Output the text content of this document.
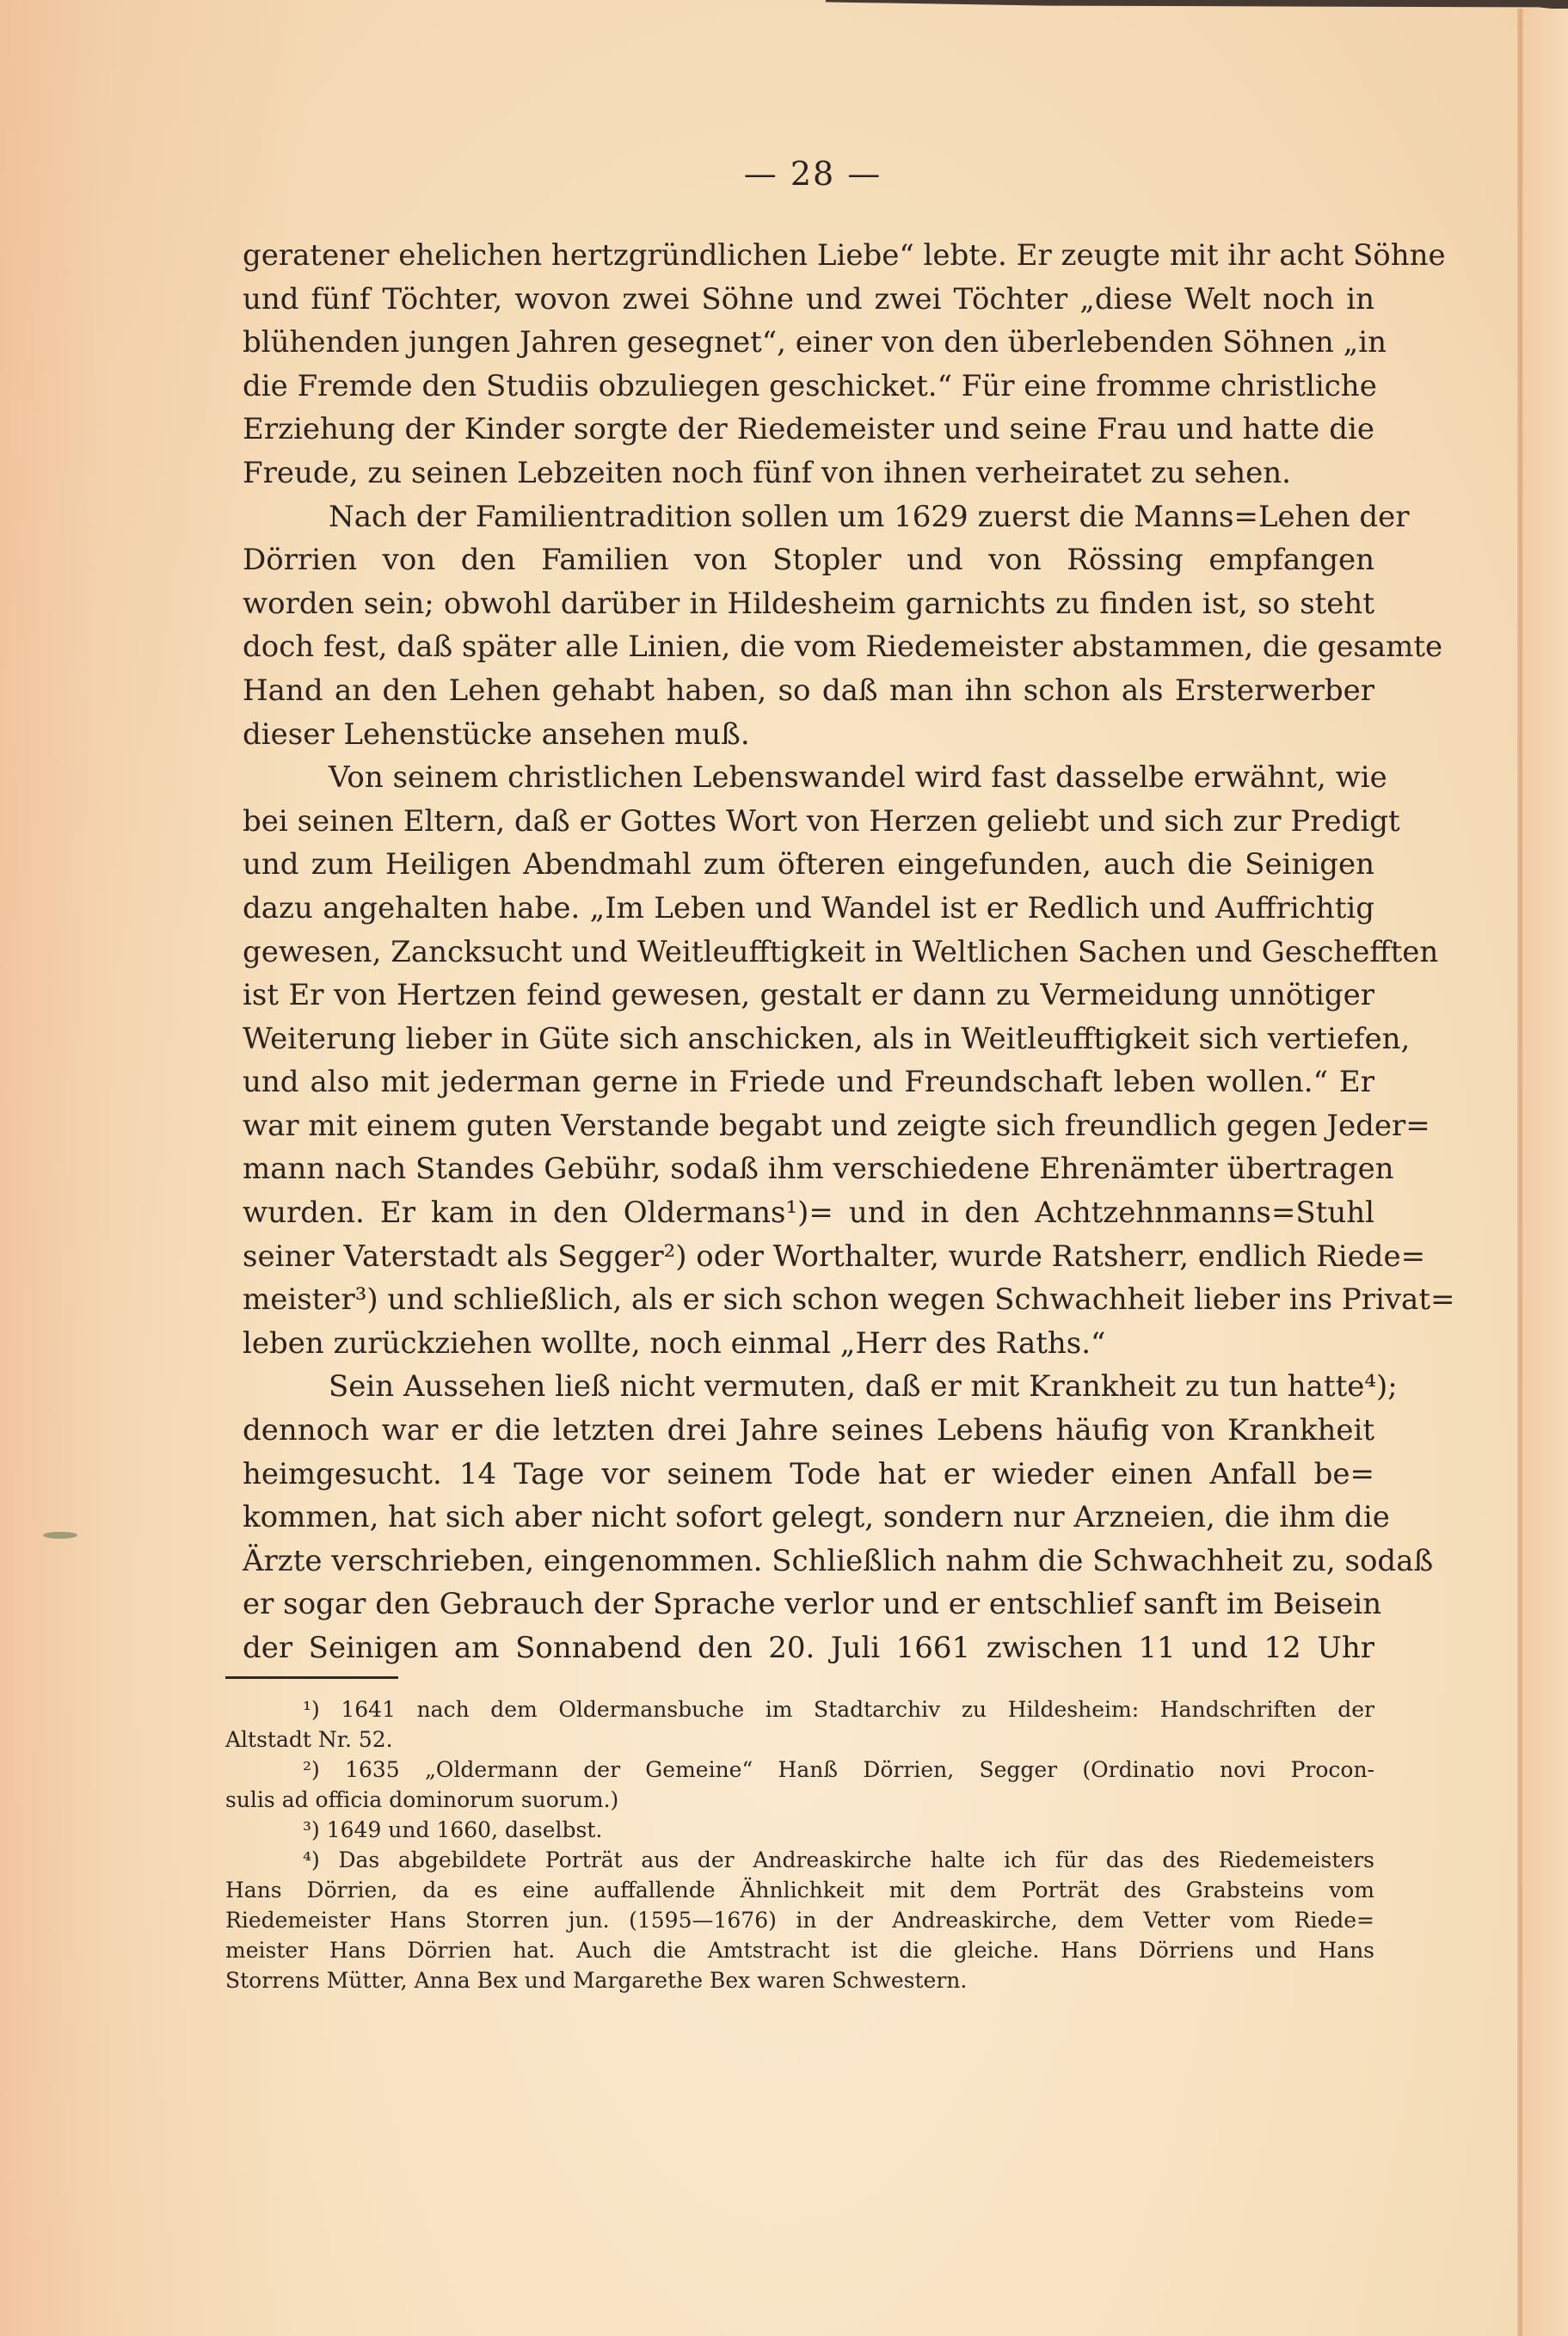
— 28 —
geratener ehelichen hertzgründlichen Liebe“ lebte. Er zeugte mit ihr acht Söhne
und fünf Töchter, wovon zwei Söhne und zwei Töchter „diese Welt noch in
blühenden jungen Jahren gesegnet“, einer von den überlebenden Söhnen „in
die Fremde den Studiis obzuliegen geschicket.“ Für eine fromme christliche
Erziehung der Kinder sorgte der Riedemeister und seine Frau und hatte die
Freude, zu seinen Lebzeiten noch fünf von ihnen verheiratet zu sehen.
Nach der Familientradition sollen um 1629 zuerst die Manns=Lehen der
Dörrien von den Familien von Stopler und von Rössing empfangen
worden sein; obwohl darüber in Hildesheim garnichts zu finden ist, so steht
doch fest, daß später alle Linien, die vom Riedemeister abstammen, die gesamte
Hand an den Lehen gehabt haben, so daß man ihn schon als Ersterwerber
dieser Lehenstücke ansehen muß.
Von seinem christlichen Lebenswandel wird fast dasselbe erwähnt, wie
bei seinen Eltern, daß er Gottes Wort von Herzen geliebt und sich zur Predigt
und zum Heiligen Abendmahl zum öfteren eingefunden, auch die Seinigen
dazu angehalten habe. „Im Leben und Wandel ist er Redlich und Auffrichtig
gewesen, Zancksucht und Weitleufftigkeit in Weltlichen Sachen und Geschefften
ist Er von Hertzen feind gewesen, gestalt er dann zu Vermeidung unnötiger
Weiterung lieber in Güte sich anschicken, als in Weitleufftigkeit sich vertiefen,
und also mit jederman gerne in Friede und Freundschaft leben wollen.“ Er
war mit einem guten Verstande begabt und zeigte sich freundlich gegen Jeder=
mann nach Standes Gebühr, sodaß ihm verschiedene Ehrenämter übertragen
wurden. Er kam in den Oldermans¹)= und in den Achtzehnmanns=Stuhl
seiner Vaterstadt als Segger²) oder Worthalter, wurde Ratsherr, endlich Riede=
meister³) und schließlich, als er sich schon wegen Schwachheit lieber ins Privat=
leben zurückziehen wollte, noch einmal „Herr des Raths.“
Sein Aussehen ließ nicht vermuten, daß er mit Krankheit zu tun hatte⁴);
dennoch war er die letzten drei Jahre seines Lebens häufig von Krankheit
heimgesucht. 14 Tage vor seinem Tode hat er wieder einen Anfall be=
kommen, hat sich aber nicht sofort gelegt, sondern nur Arzneien, die ihm die
Ärzte verschrieben, eingenommen. Schließlich nahm die Schwachheit zu, sodaß
er sogar den Gebrauch der Sprache verlor und er entschlief sanft im Beisein
der Seinigen am Sonnabend den 20. Juli 1661 zwischen 11 und 12 Uhr
¹) 1641 nach dem Oldermansbuche im Stadtarchiv zu Hildesheim: Handschriften der
Altstadt Nr. 52.
²) 1635 „Oldermann der Gemeine“ Hanß Dörrien, Segger (Ordinatio novi Procon-
sulis ad officia dominorum suorum.)
³) 1649 und 1660, daselbst.
⁴) Das abgebildete Porträt aus der Andreaskirche halte ich für das des Riedemeisters
Hans Dörrien, da es eine auffallende Ähnlichkeit mit dem Porträt des Grabsteins vom
Riedemeister Hans Storren jun. (1595—1676) in der Andreaskirche, dem Vetter vom Riede=
meister Hans Dörrien hat. Auch die Amtstracht ist die gleiche. Hans Dörriens und Hans
Storrens Mütter, Anna Bex und Margarethe Bex waren Schwestern.
